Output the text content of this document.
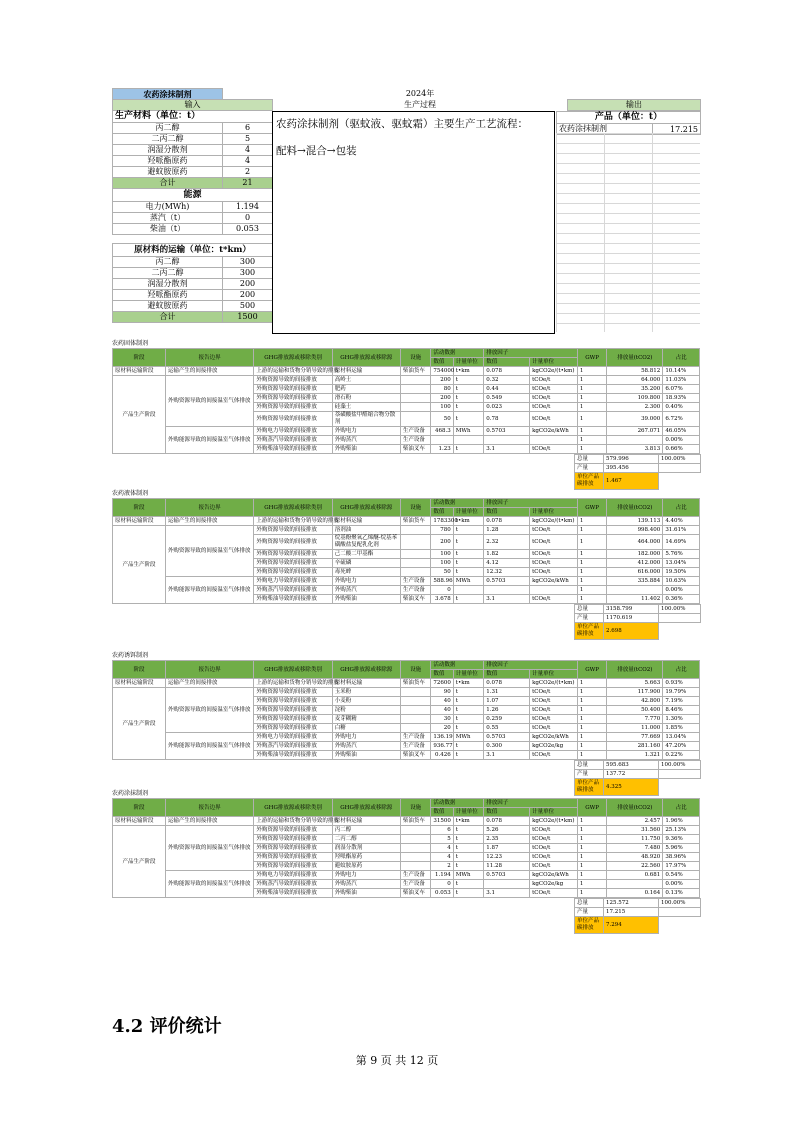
农药涂抹制剂		2024年		
输入		生产过程	输出	
生产材料（单位：t）	
丙二醇	6
二丙二醇	5
润湿分散剂	4
羟哌酯原药	4
避蚊胺原药	2
合计	21
能源	
电力(MWh)	1.194
蒸汽（t）	0
柴油（t）	0.053

原材料的运输（单位：t*km）	
丙二醇	300
二丙二醇	300
润湿分散剂	200
羟哌酯原药	200
避蚊胺原药	500
合计	1500
农药涂抹制剂（驱蚊液、驱蚊霜）主要生产工艺流程：
配料→混合→包装
产品（单位：t）
农药涂抹制剂	17.215
农药固体制剂
阶段	报告边界	GHG排放源或移除类别	GHG排放源或移除源	设施	活动数据		排放因子		GWP	排放量(tCO2)	占比
					数值	计量单位	数值	计量单位			
原材料运输阶段	运输产生的间接排放	上游的运输和货物分销导致的排放	原材料运输	柴油货车	754000	t•km	0.078	kgCO2e/(t•km)	1	58.812	10.14%
产品生产阶段	外购资源导致的间接温室气体排放	外购资源导致的间接排放	高岭土		200	t	0.32	tCOe/t	1	64.000	11.03%
		外购资源导致的间接排放	肥药		80	t	0.44	tCOe/t	1	35.200	6.07%
		外购资源导致的间接排放	滑石粉		200	t	0.549	tCOe/t	1	109.800	18.93%
		外购资源导致的间接排放	硅藻土		100	t	0.023	tCOe/t	1	2.300	0.40%
		外购资源导致的间接排放	萘磺酸盐甲醛缩合物分散剂		50	t	0.78	tCOe/t	1	39.000	6.72%
	外购能源导致的间接温室气体排放	外购电力导致的间接排放	外购电力	生产设备	468.3	MWh	0.5703	kgCO2e/kWh	1	267.071	46.05%
		外购蒸汽导致的间接排放	外购蒸汽	生产设备					1		0.00%
		外购柴油导致的间接排放	外购柴油	柴油叉车	1.23	t	3.1	tCOe/t	1	3.813	0.66%
总量	579.996	100.00%
产量	395.456	
单位产品碳排放	1.467	
农药液体制剂
阶段	报告边界	GHG排放源或移除类别	GHG排放源或移除源	设施	活动数据		排放因子		GWP	排放量(tCO2)	占比
					数值	计量单位	数值	计量单位			
原材料运输阶段	运输产生的间接排放	上游的运输和货物分销导致的排放	原材料运输	柴油货车	1783300	t•km	0.078	kgCO2e/(t•km)	1	139.113	4.40%
产品生产阶段	外购资源导致的间接温室气体排放	外购资源导致的间接排放	溶剂油		780	t	1.28	tCOe/t	1	998.400	31.61%
		外购资源导致的间接排放	烷基酚聚氧乙烯醚-烷基苯磺酸盐复配乳化剂		200	t	2.32	tCOe/t	1	464.000	14.69%
		外购资源导致的间接排放	己二酸二甲基酯		100	t	1.82	tCOe/t	1	182.000	5.76%
		外购资源导致的间接排放	辛硫磷		100	t	4.12	tCOe/t	1	412.000	13.04%
		外购资源导致的间接排放	毒死蜱		50	t	12.32	tCOe/t	1	616.000	19.50%
	外购能源导致的间接温室气体排放	外购电力导致的间接排放	外购电力	生产设备	588.96	MWh	0.5703	kgCO2e/kWh	1	335.884	10.63%
		外购蒸汽导致的间接排放	外购蒸汽	生产设备	0				1		0.00%
		外购柴油导致的间接排放	外购柴油	柴油叉车	3.678	t	3.1	tCOe/t	1	11.402	0.36%
总量	3158.799	100.00%
产量	1170.619	
单位产品碳排放	2.698	
农药诱饵制剂
阶段	报告边界	GHG排放源或移除类别	GHG排放源或移除源	设施	活动数据		排放因子		GWP	排放量(tCO2)	占比
					数值	计量单位	数值	计量单位			
原材料运输阶段	运输产生的间接排放	上游的运输和货物分销导致的排放	原材料运输	柴油货车	72600	t•km	0.078	kgCO2e/(t•km)	1	5.663	0.93%
产品生产阶段	外购资源导致的间接温室气体排放	外购资源导致的间接排放	玉米粉		90	t	1.31	tCOe/t	1	117.900	19.79%
		外购资源导致的间接排放	小麦粉		40	t	1.07	tCOe/t	1	42.800	7.19%
		外购资源导致的间接排放	淀粉		40	t	1.26	tCOe/t	1	50.400	8.46%
		外购资源导致的间接排放	麦芽糊精		30	t	0.259	tCOe/t	1	7.770	1.30%
		外购资源导致的间接排放	白糖		20	t	0.55	tCOe/t	1	11.000	1.85%
	外购能源导致的间接温室气体排放	外购电力导致的间接排放	外购电力	生产设备	136.19	MWh	0.5703	kgCO2e/kWh	1	77.669	13.04%
		外购蒸汽导致的间接排放	外购蒸汽	生产设备	936.77	t	0.300	kgCO2e/kg	1	281.160	47.20%
		外购柴油导致的间接排放	外购柴油	柴油叉车	0.426	t	3.1	tCOe/t	1	1.321	0.22%
总量	595.683	100.00%
产量	137.72	
单位产品碳排放	4.325	
农药涂抹制剂
阶段	报告边界	GHG排放源或移除类别	GHG排放源或移除源	设施	活动数据		排放因子		GWP	排放量(tCO2)	占比
					数值	计量单位	数值	计量单位			
原材料运输阶段	运输产生的间接排放	上游的运输和货物分销导致的排放	原材料运输	柴油货车	31500	t•km	0.078	kgCO2e/(t•km)	1	2.457	1.96%
产品生产阶段	外购资源导致的间接温室气体排放	外购资源导致的间接排放	丙二醇		6	t	5.26	tCOe/t	1	31.560	25.13%
		外购资源导致的间接排放	二丙二醇		5	t	2.35	tCOe/t	1	11.750	9.36%
		外购资源导致的间接排放	润湿分散剂		4	t	1.87	tCOe/t	1	7.480	5.96%
		外购资源导致的间接排放	羟哌酯原药		4	t	12.23	tCOe/t	1	48.920	38.96%
		外购资源导致的间接排放	避蚊胺原药		2	t	11.28	tCOe/t	1	22.560	17.97%
	外购能源导致的间接温室气体排放	外购电力导致的间接排放	外购电力	生产设备	1.194	MWh	0.5703	kgCO2e/kWh	1	0.681	0.54%
		外购蒸汽导致的间接排放	外购蒸汽	生产设备	0	t		kgCO2e/kg	1		0.00%
		外购柴油导致的间接排放	外购柴油	柴油叉车	0.053	t	3.1	tCOe/t	1	0.164	0.13%
总量	125.572	100.00%
产量	17.215	
单位产品碳排放	7.294	
4.2 评价统计
第 9 页 共 12 页
